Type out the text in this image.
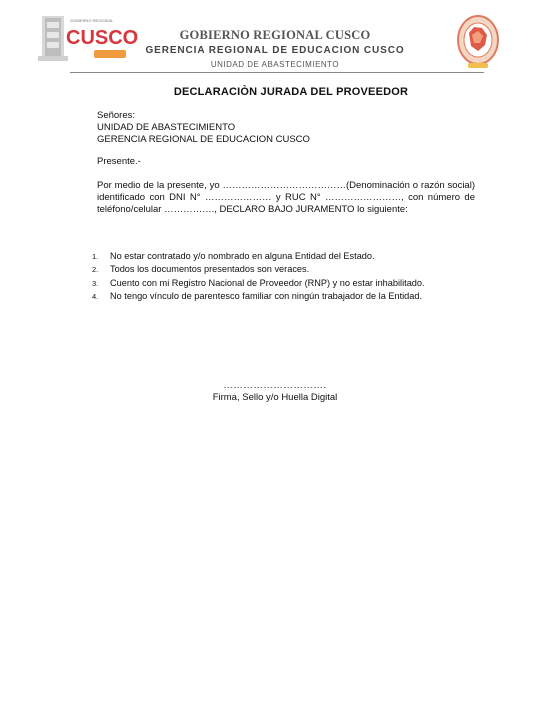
GOBIERNO REGIONAL
CUSCO	GOBIERNO REGIONAL CUSCO
GERENCIA REGIONAL DE EDUCACION CUSCO
UNIDAD DE ABASTECIMIENTO
DECLARACIÒN JURADA DEL PROVEEDOR
Señores:
UNIDAD DE ABASTECIMIENTO
GERENCIA REGIONAL DE EDUCACION CUSCO
Presente.-
Por medio de la presente, yo …………………………………(Denominación o razón social) identificado con DNI N° ………………… y RUC N° ……………………, con número de teléfono/celular ……………., DECLARO BAJO JURAMENTO lo siguiente:
1. No estar contratado y/o nombrado en alguna Entidad del Estado.
2. Todos los documentos presentados son veraces.
3. Cuento con mi Registro Nacional de Proveedor (RNP) y no estar inhabilitado.
4. No tengo vínculo de parentesco familiar con ningún trabajador de la Entidad.
………………………….
Firma, Sello y/o Huella Digital
